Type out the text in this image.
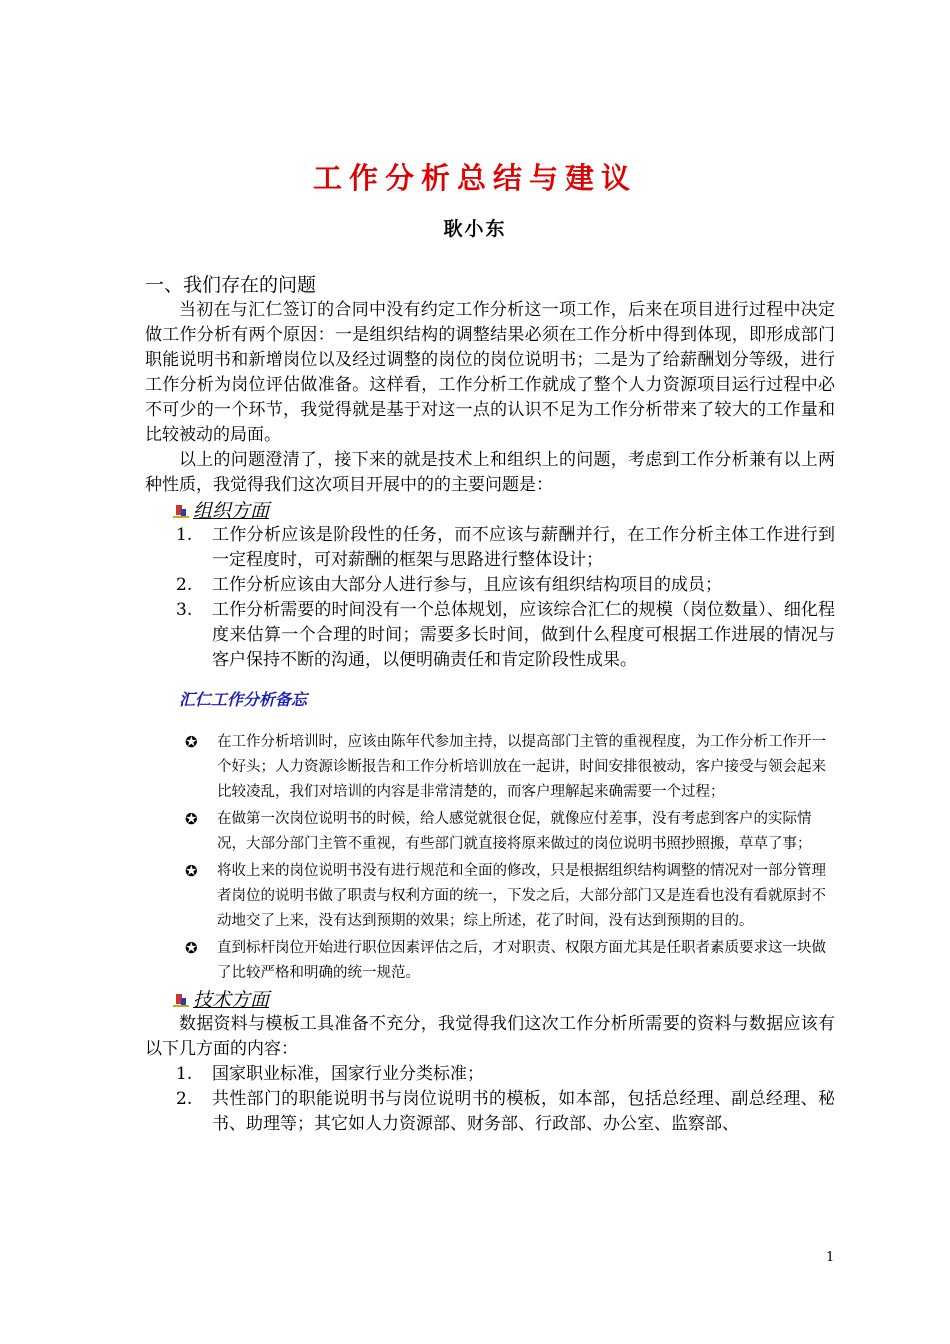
工作分析总结与建议
耿小东
一、我们存在的问题

当初在与汇仁签订的合同中没有约定工作分析这一项工作，后来在项目进行过程中决定做工作分析有两个原因：一是组织结构的调整结果必须在工作分析中得到体现，即形成部门职能说明书和新增岗位以及经过调整的岗位的岗位说明书；二是为了给薪酬划分等级，进行工作分析为岗位评估做准备。这样看，工作分析工作就成了整个人力资源项目运行过程中必不可少的一个环节，我觉得就是基于对这一点的认识不足为工作分析带来了较大的工作量和比较被动的局面。

以上的问题澄清了，接下来的就是技术上和组织上的问题，考虑到工作分析兼有以上两种性质，我觉得我们这次项目开展中的的主要问题是：

组织方面
1. 工作分析应该是阶段性的任务，而不应该与薪酬并行，在工作分析主体工作进行到一定程度时，可对薪酬的框架与思路进行整体设计；
2. 工作分析应该由大部分人进行参与，且应该有组织结构项目的成员；
3. 工作分析需要的时间没有一个总体规划，应该综合汇仁的规模（岗位数量）、细化程度来估算一个合理的时间；需要多长时间，做到什么程度可根据工作进展的情况与客户保持不断的沟通，以便明确责任和肯定阶段性成果。
汇仁工作分析备忘
✪ 在工作分析培训时，应该由陈年代参加主持，以提高部门主管的重视程度，为工作分析工作开一个好头；人力资源诊断报告和工作分析培训放在一起讲，时间安排很被动，客户接受与领会起来比较凌乱，我们对培训的内容是非常清楚的，而客户理解起来确需要一个过程；
✪ 在做第一次岗位说明书的时候，给人感觉就很仓促，就像应付差事，没有考虑到客户的实际情况，大部分部门主管不重视，有些部门就直接将原来做过的岗位说明书照抄照搬，草草了事；
✪ 将收上来的岗位说明书没有进行规范和全面的修改，只是根据组织结构调整的情况对一部分管理者岗位的说明书做了职责与权利方面的统一，下发之后，大部分部门又是连看也没有看就原封不动地交了上来，没有达到预期的效果；综上所述，花了时间，没有达到预期的目的。
✪ 直到标杆岗位开始进行职位因素评估之后，才对职责、权限方面尤其是任职者素质要求这一块做了比较严格和明确的统一规范。
技术方面

数据资料与模板工具准备不充分，我觉得我们这次工作分析所需要的资料与数据应该有以下几方面的内容：

1. 国家职业标准，国家行业分类标准；
2. 共性部门的职能说明书与岗位说明书的模板，如本部，包括总经理、副总经理、秘书、助理等；其它如人力资源部、财务部、行政部、办公室、监察部、
1
